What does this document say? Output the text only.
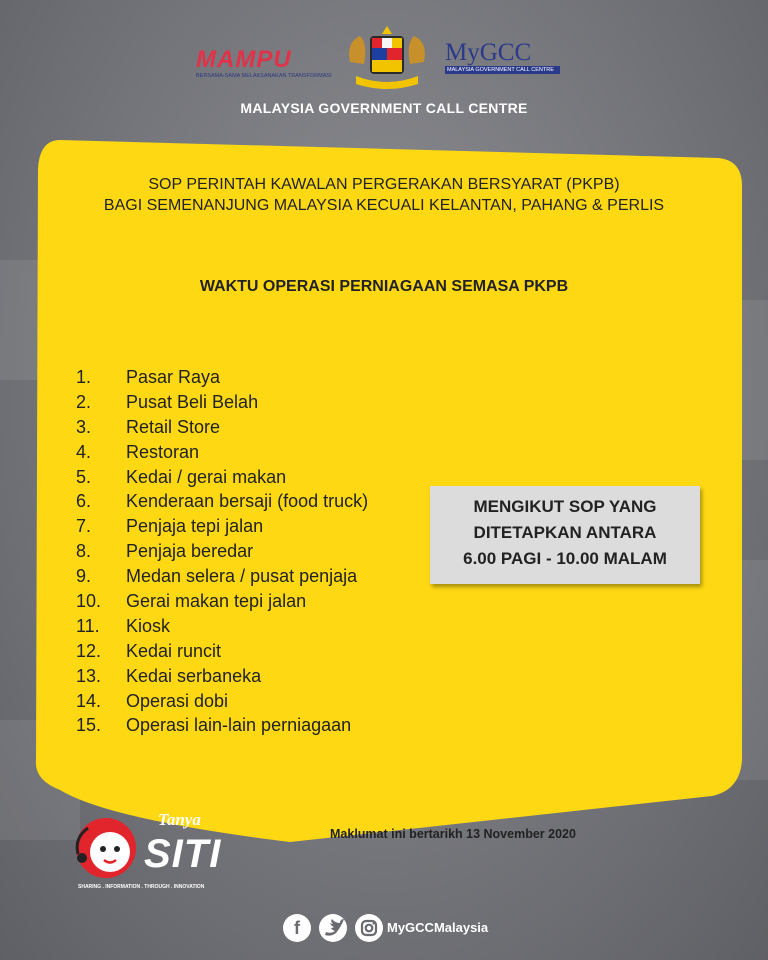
MAMPU
BERSAMA-SAMA MELAKSANAKAN TRANSFORMASI
MyGCC
MALAYSIA GOVERNMENT CALL CENTRE
MALAYSIA GOVERNMENT CALL CENTRE
SOP PERINTAH KAWALAN PERGERAKAN BERSYARAT (PKPB)
BAGI SEMENANJUNG MALAYSIA KECUALI KELANTAN, PAHANG & PERLIS
WAKTU OPERASI PERNIAGAAN SEMASA PKPB
1.	Pasar Raya
2.	Pusat Beli Belah
3.	Retail Store
4.	Restoran
5.	Kedai / gerai makan
6.	Kenderaan bersaji (food truck)
7.	Penjaja tepi jalan
8.	Penjaja beredar
9.	Medan selera / pusat penjaja
10.	Gerai makan tepi jalan
11.	Kiosk
12.	Kedai runcit
13.	Kedai serbaneka
14.	Operasi dobi
15.	Operasi lain-lain perniagaan
MENGIKUT SOP YANG
DITETAPKAN ANTARA
6.00 PAGI - 10.00 MALAM
Maklumat ini bertarikh 13 November 2020
Tanya
SITI
SHARING . INFORMATION . THROUGH . INNOVATION
f	MyGCCMalaysia
